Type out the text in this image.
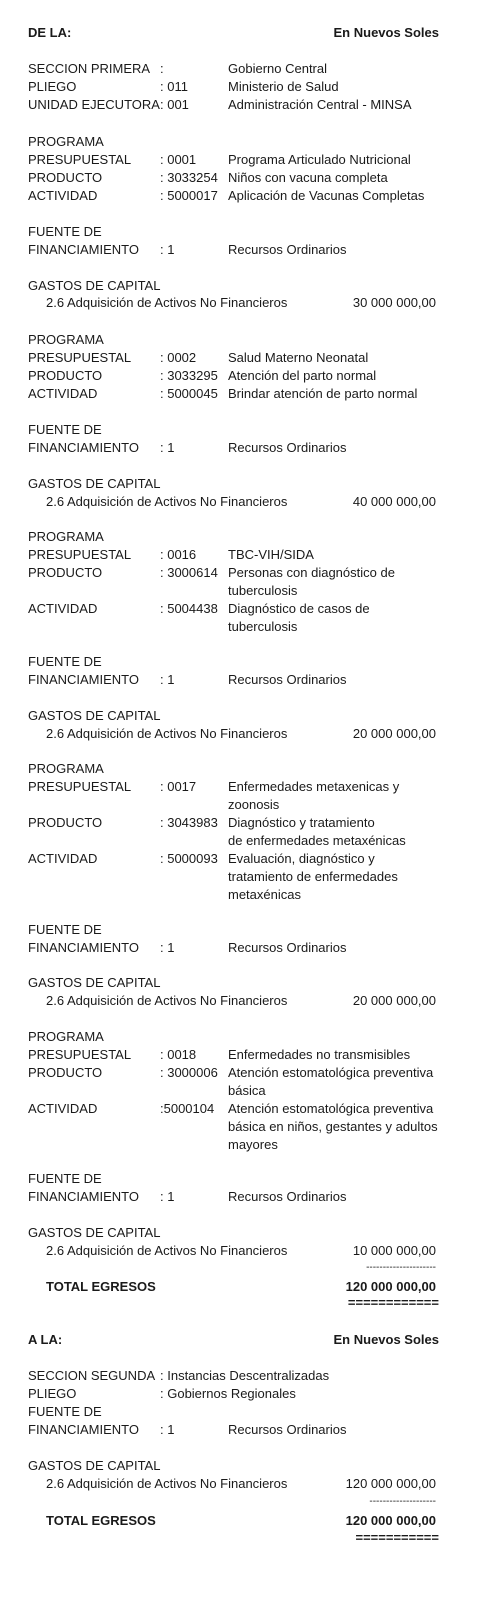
DE LA:	En Nuevos Soles
SECCION PRIMERA :	Gobierno Central
PLIEGO	: 011	Ministerio de Salud
UNIDAD EJECUTORA : 001	Administración Central - MINSA
PROGRAMA
PRESUPUESTAL : 0001 Programa Articulado Nutricional
PRODUCTO	: 3033254 Niños con vacuna completa
ACTIVIDAD	: 5000017 Aplicación de Vacunas Completas
FUENTE DE
FINANCIAMIENTO : 1	Recursos Ordinarios
GASTOS DE CAPITAL
2.6 Adquisición de Activos No Financieros	30 000 000,00
PROGRAMA
PRESUPUESTAL : 0002 Salud Materno Neonatal
PRODUCTO	: 3033295 Atención del parto normal
ACTIVIDAD	: 5000045 Brindar atención de parto normal
FUENTE DE
FINANCIAMIENTO : 1	Recursos Ordinarios
GASTOS DE CAPITAL
2.6 Adquisición de Activos No Financieros	40 000 000,00
PROGRAMA
PRESUPUESTAL : 0016 TBC-VIH/SIDA
PRODUCTO	: 3000614 Personas con diagnóstico de
tuberculosis
ACTIVIDAD	: 5004438 Diagnóstico de casos de
tuberculosis
FUENTE DE
FINANCIAMIENTO : 1	Recursos Ordinarios
GASTOS DE CAPITAL
2.6 Adquisición de Activos No Financieros	20 000 000,00
PROGRAMA
PRESUPUESTAL : 0017 Enfermedades metaxenicas y
zoonosis
PRODUCTO	: 3043983 Diagnóstico y tratamiento
de enfermedades metaxénicas
ACTIVIDAD	: 5000093 Evaluación, diagnóstico y
tratamiento de enfermedades
metaxénicas
FUENTE DE
FINANCIAMIENTO : 1	Recursos Ordinarios
GASTOS DE CAPITAL
2.6 Adquisición de Activos No Financieros	20 000 000,00
PROGRAMA
PRESUPUESTAL : 0018 Enfermedades no transmisibles
PRODUCTO	: 3000006 Atención estomatológica preventiva
básica
ACTIVIDAD	:5000104 Atención estomatológica preventiva
básica en niños, gestantes y adultos
mayores
FUENTE DE
FINANCIAMIENTO : 1	Recursos Ordinarios
GASTOS DE CAPITAL
2.6 Adquisición de Activos No Financieros	10 000 000,00
---------------------
TOTAL EGRESOS	120 000 000,00
============
A LA:	En Nuevos Soles
SECCION SEGUNDA : Instancias Descentralizadas
PLIEGO	: Gobiernos Regionales
FUENTE DE
FINANCIAMIENTO : 1	Recursos Ordinarios
GASTOS DE CAPITAL
2.6 Adquisición de Activos No Financieros	120 000 000,00
--------------------
TOTAL EGRESOS	120 000 000,00
===========
